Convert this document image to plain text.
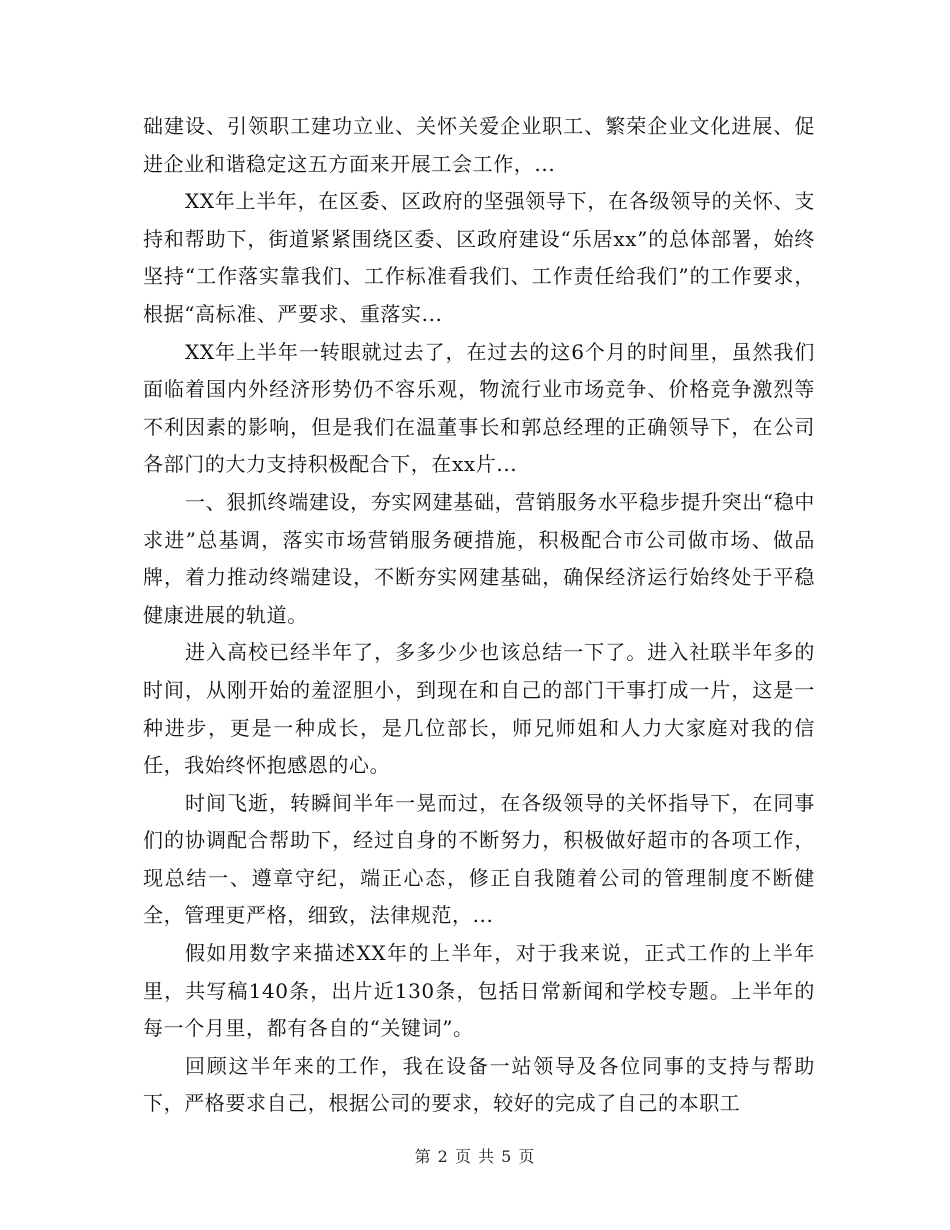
础建设、引领职工建功立业、关怀关爱企业职工、繁荣企业文化进展、促进企业和谐稳定这五方面来开展工会工作，...

XX年上半年，在区委、区政府的坚强领导下，在各级领导的关怀、支持和帮助下，街道紧紧围绕区委、区政府建设“乐居xx”的总体部署，始终坚持“工作落实靠我们、工作标准看我们、工作责任给我们”的工作要求，根据“高标准、严要求、重落实...

XX年上半年一转眼就过去了，在过去的这6个月的时间里，虽然我们面临着国内外经济形势仍不容乐观，物流行业市场竞争、价格竞争激烈等不利因素的影响，但是我们在温董事长和郭总经理的正确领导下，在公司各部门的大力支持积极配合下，在xx片...

一、狠抓终端建设，夯实网建基础，营销服务水平稳步提升突出“稳中求进”总基调，落实市场营销服务硬措施，积极配合市公司做市场、做品牌，着力推动终端建设，不断夯实网建基础，确保经济运行始终处于平稳健康进展的轨道。

进入高校已经半年了，多多少少也该总结一下了。进入社联半年多的时间，从刚开始的羞涩胆小，到现在和自己的部门干事打成一片，这是一种进步，更是一种成长，是几位部长，师兄师姐和人力大家庭对我的信任，我始终怀抱感恩的心。

时间飞逝，转瞬间半年一晃而过，在各级领导的关怀指导下，在同事们的协调配合帮助下，经过自身的不断努力，积极做好超市的各项工作，现总结一、遵章守纪，端正心态，修正自我随着公司的管理制度不断健全，管理更严格，细致，法律规范，...

假如用数字来描述XX年的上半年，对于我来说，正式工作的上半年里，共写稿140条，出片近130条，包括日常新闻和学校专题。上半年的每一个月里，都有各自的“关键词”。

回顾这半年来的工作，我在设备一站领导及各位同事的支持与帮助下，严格要求自己，根据公司的要求，较好的完成了自己的本职工

第 2 页 共 5 页
